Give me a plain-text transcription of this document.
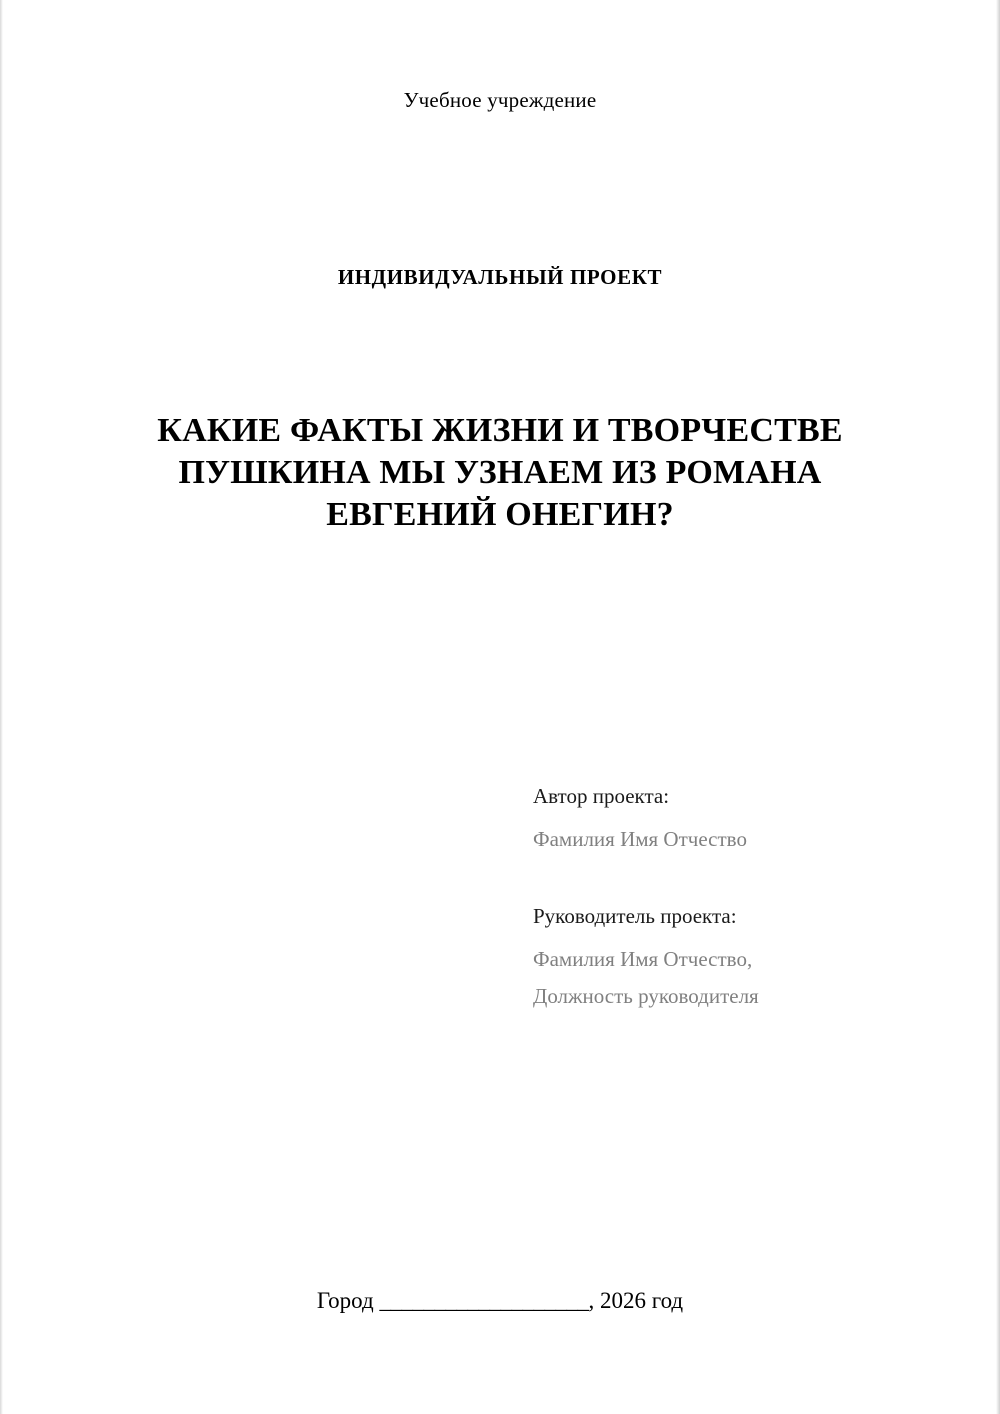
Учебное учреждение
ИНДИВИДУАЛЬНЫЙ ПРОЕКТ
КАКИЕ ФАКТЫ ЖИЗНИ И ТВОРЧЕСТВЕ
ПУШКИНА МЫ УЗНАЕМ ИЗ РОМАНА
ЕВГЕНИЙ ОНЕГИН?

Автор проекта:

Фамилия Имя Отчество

Руководитель проекта:

Фамилия Имя Отчество,

Должность руководителя

Город ___________________, 2026 год
